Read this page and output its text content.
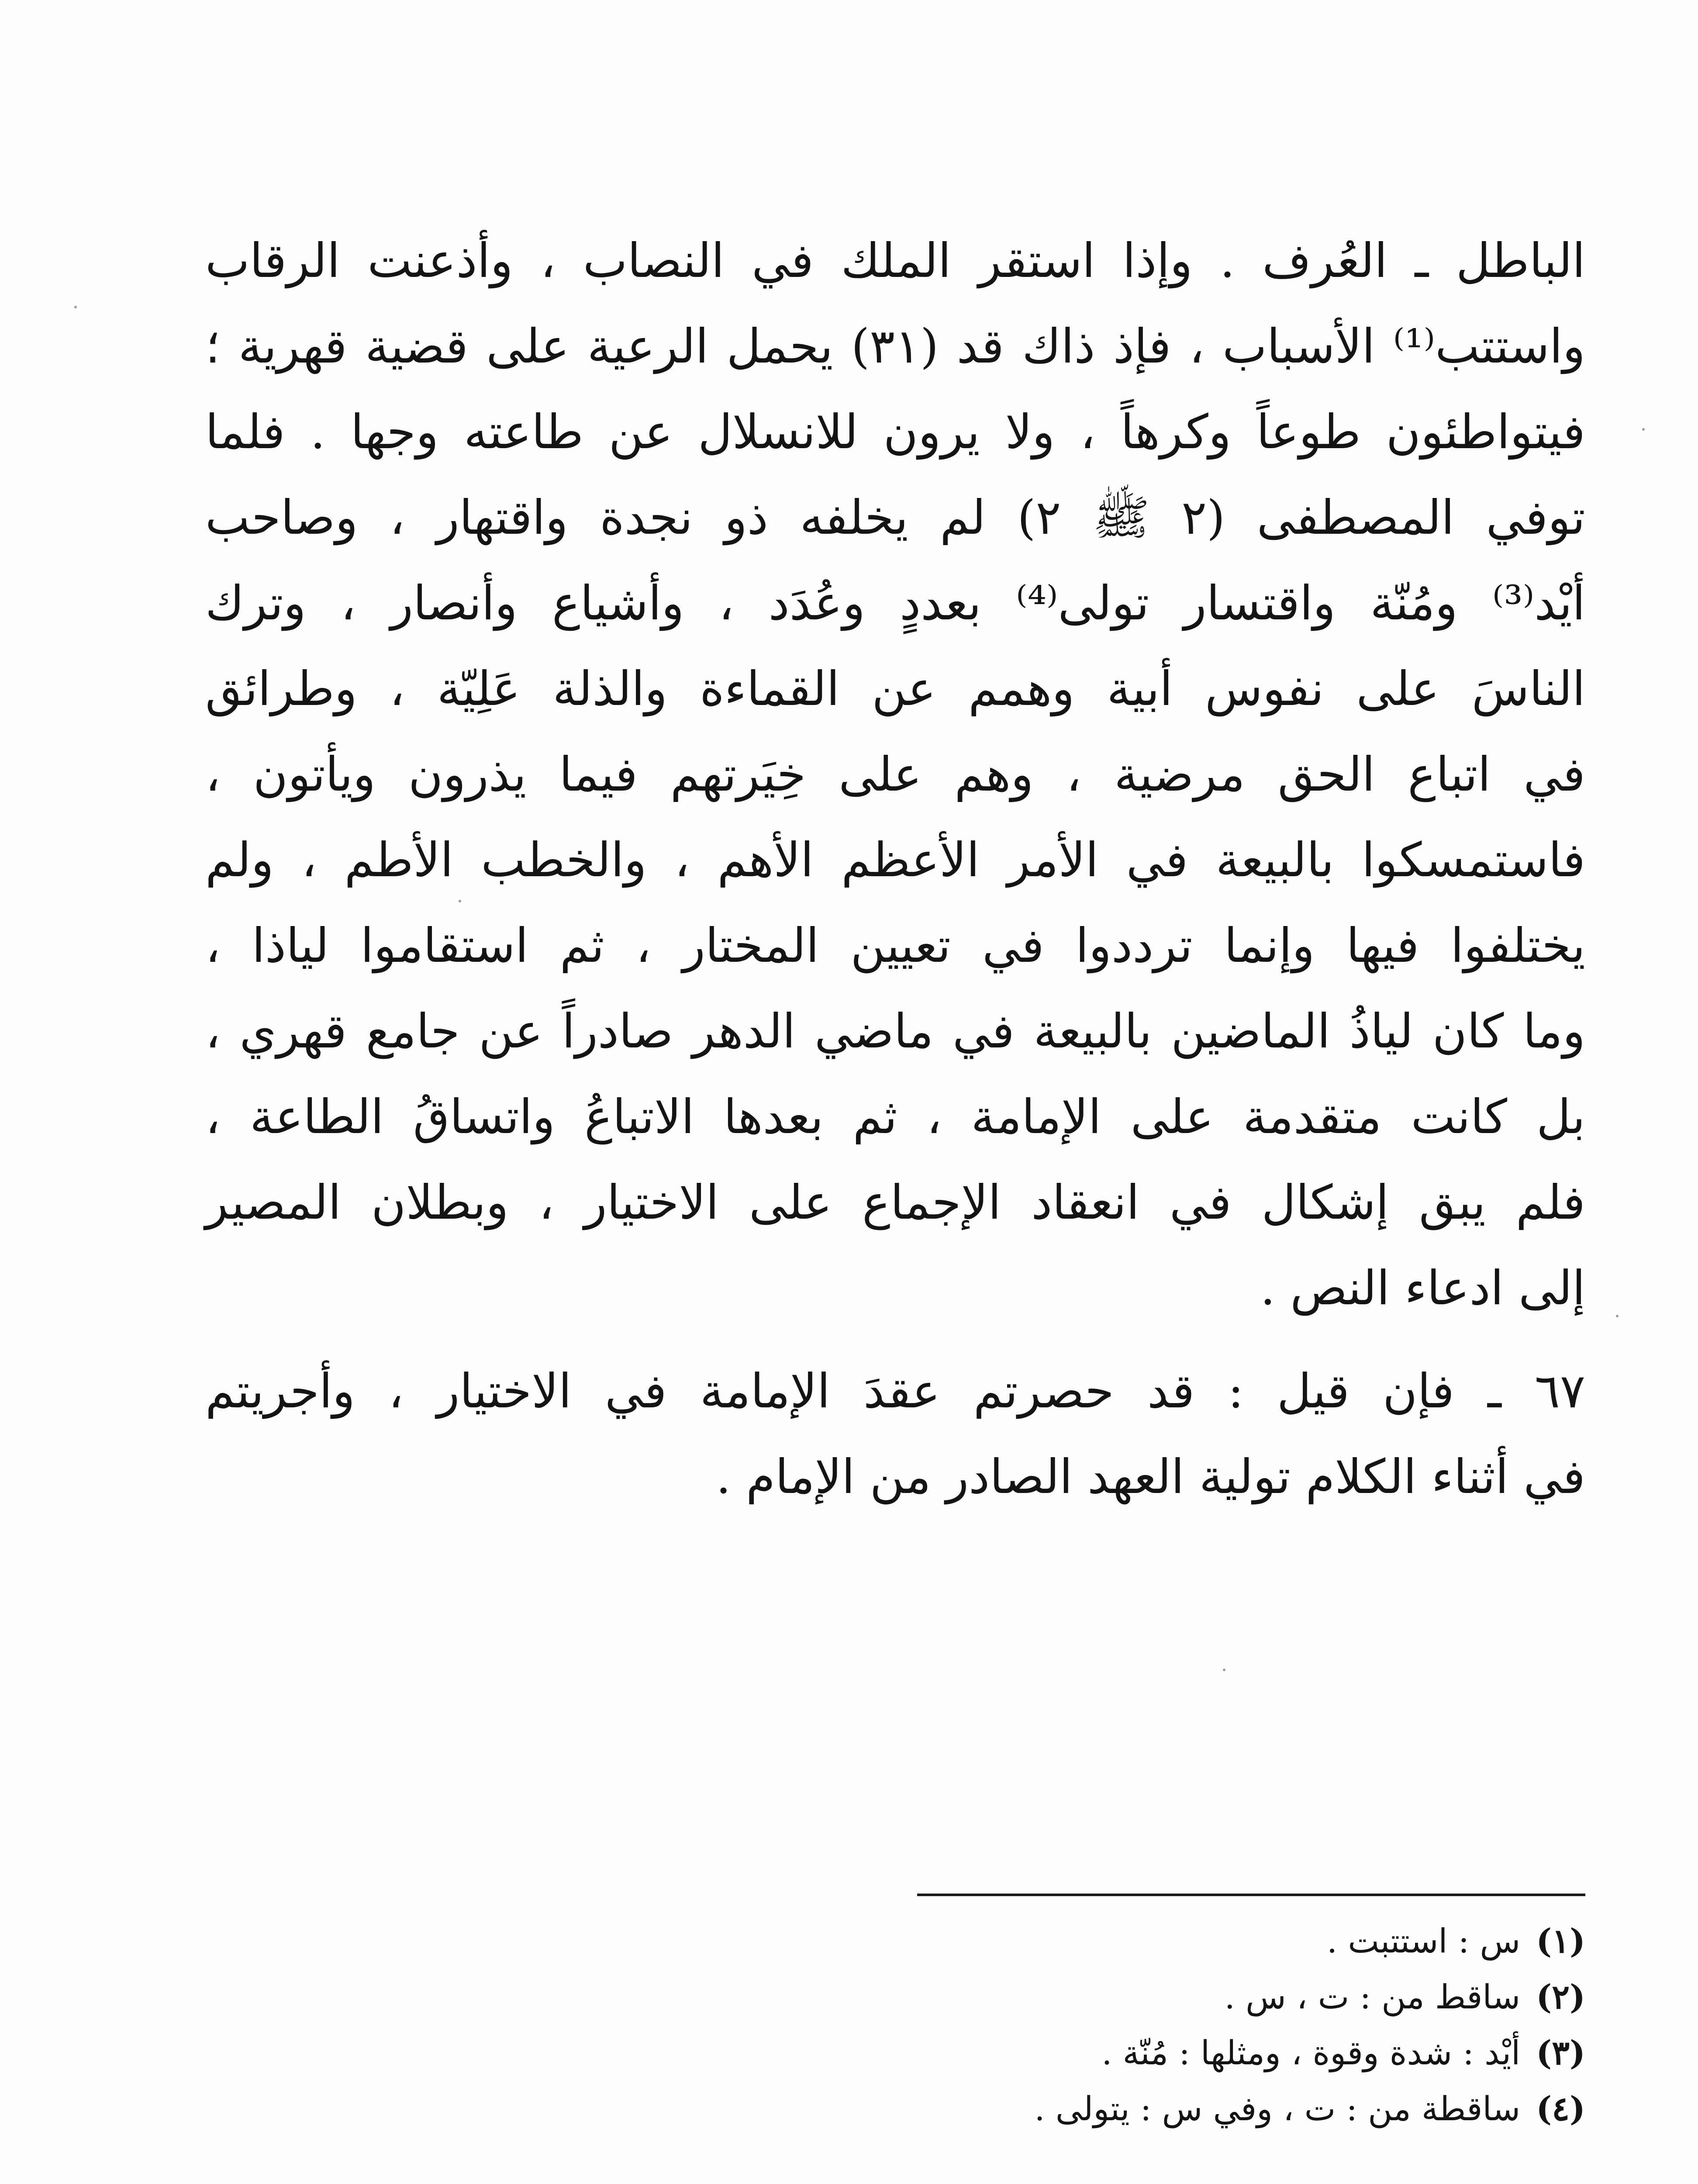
الباطل ـ العُرف . وإذا استقر الملك في النصاب ، وأذعنت الرقاب
واستتب⁽¹⁾ الأسباب ، فإذ ذاك قد (٣١) يحمل الرعية على قضية قهرية ؛
فيتواطئون طوعاً وكرهاً ، ولا يرون للانسلال عن طاعته وجها . فلما
توفي المصطفى (٢ ﷺ ٢) لم يخلفه ذو نجدة واقتهار ، وصاحب
أيْد⁽³⁾ ومُنّة واقتسار تولى⁽⁴⁾ بعددٍ وعُدَد ، وأشياع وأنصار ، وترك
الناسَ على نفوس أبية وهمم عن القماءة والذلة عَلِيّة ، وطرائق
في اتباع الحق مرضية ، وهم على خِيَرتهم فيما يذرون ويأتون ،
فاستمسكوا بالبيعة في الأمر الأعظم الأهم ، والخطب الأطم ، ولم
يختلفوا فيها وإنما ترددوا في تعيين المختار ، ثم استقاموا لياذا ،
وما كان لياذُ الماضين بالبيعة في ماضي الدهر صادراً عن جامع قهري ،
بل كانت متقدمة على الإمامة ، ثم بعدها الاتباعُ واتساقُ الطاعة ،
فلم يبق إشكال في انعقاد الإجماع على الاختيار ، وبطلان المصير
إلى ادعاء النص .
٦٧ ـ فإن قيل : قد حصرتم عقدَ الإمامة في الاختيار ، وأجريتم
في أثناء الكلام تولية العهد الصادر من الإمام .
(١)س : استتبت .
(٢)ساقط من : ت ، س .
(٣)أيْد : شدة وقوة ، ومثلها : مُنّة .
(٤)ساقطة من : ت ، وفي س : يتولى .
